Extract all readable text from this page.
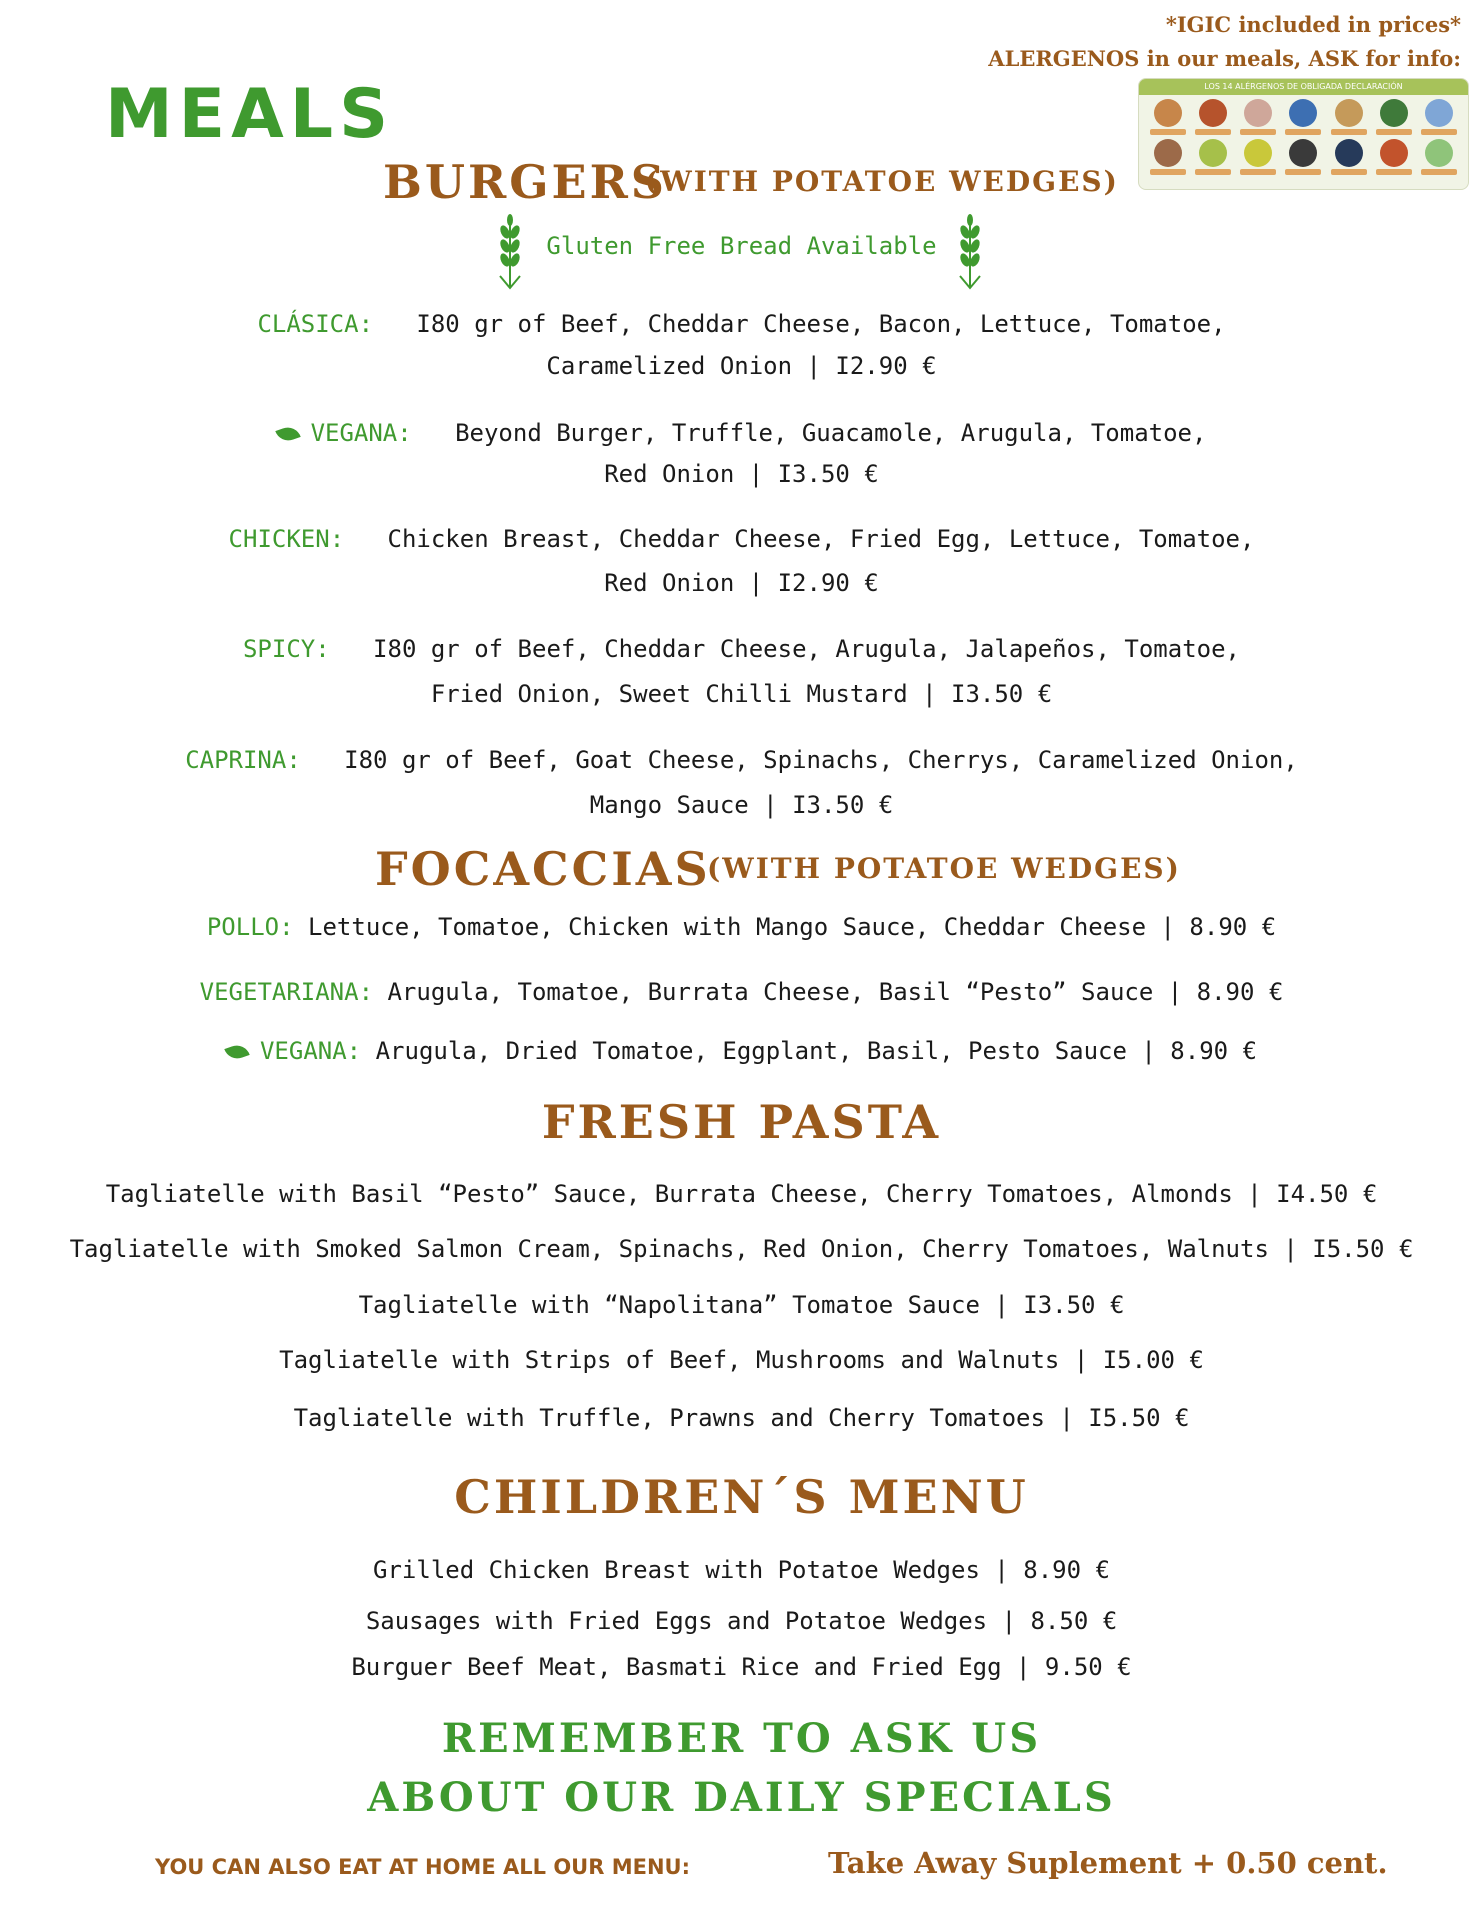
*IGIC included in prices*
ALERGENOS in our meals, ASK for info:
LOS 14 ALÉRGENOS DE OBLIGADA DECLARACIÓN
MEALS
BURGERS
(WITH POTATOE WEDGES)
Gluten Free Bread Available
CLÁSICA: I80 gr of Beef, Cheddar Cheese, Bacon, Lettuce, Tomatoe,
Caramelized Onion | I2.90 €
VEGANA: Beyond Burger, Truffle, Guacamole, Arugula, Tomatoe,
Red Onion | I3.50 €
CHICKEN: Chicken Breast, Cheddar Cheese, Fried Egg, Lettuce, Tomatoe,
Red Onion | I2.90 €
SPICY: I80 gr of Beef, Cheddar Cheese, Arugula, Jalapeños, Tomatoe,
Fried Onion, Sweet Chilli Mustard | I3.50 €
CAPRINA: I80 gr of Beef, Goat Cheese, Spinachs, Cherrys, Caramelized Onion,
Mango Sauce | I3.50 €
FOCACCIAS
(WITH POTATOE WEDGES)
POLLO: Lettuce, Tomatoe, Chicken with Mango Sauce, Cheddar Cheese | 8.90 €
VEGETARIANA: Arugula, Tomatoe, Burrata Cheese, Basil “Pesto” Sauce | 8.90 €
VEGANA: Arugula, Dried Tomatoe, Eggplant, Basil, Pesto Sauce | 8.90 €
FRESH PASTA
Tagliatelle with Basil “Pesto” Sauce, Burrata Cheese, Cherry Tomatoes, Almonds | I4.50 €
Tagliatelle with Smoked Salmon Cream, Spinachs, Red Onion, Cherry Tomatoes, Walnuts | I5.50 €
Tagliatelle with “Napolitana” Tomatoe Sauce | I3.50 €
Tagliatelle with Strips of Beef, Mushrooms and Walnuts | I5.00 €
Tagliatelle with Truffle, Prawns and Cherry Tomatoes | I5.50 €
CHILDREN´S MENU
Grilled Chicken Breast with Potatoe Wedges | 8.90 €
Sausages with Fried Eggs and Potatoe Wedges | 8.50 €
Burguer Beef Meat, Basmati Rice and Fried Egg | 9.50 €
REMEMBER TO ASK US
ABOUT OUR DAILY SPECIALS
YOU CAN ALSO EAT AT HOME ALL OUR MENU:	Take Away Suplement + 0.50 cent.
